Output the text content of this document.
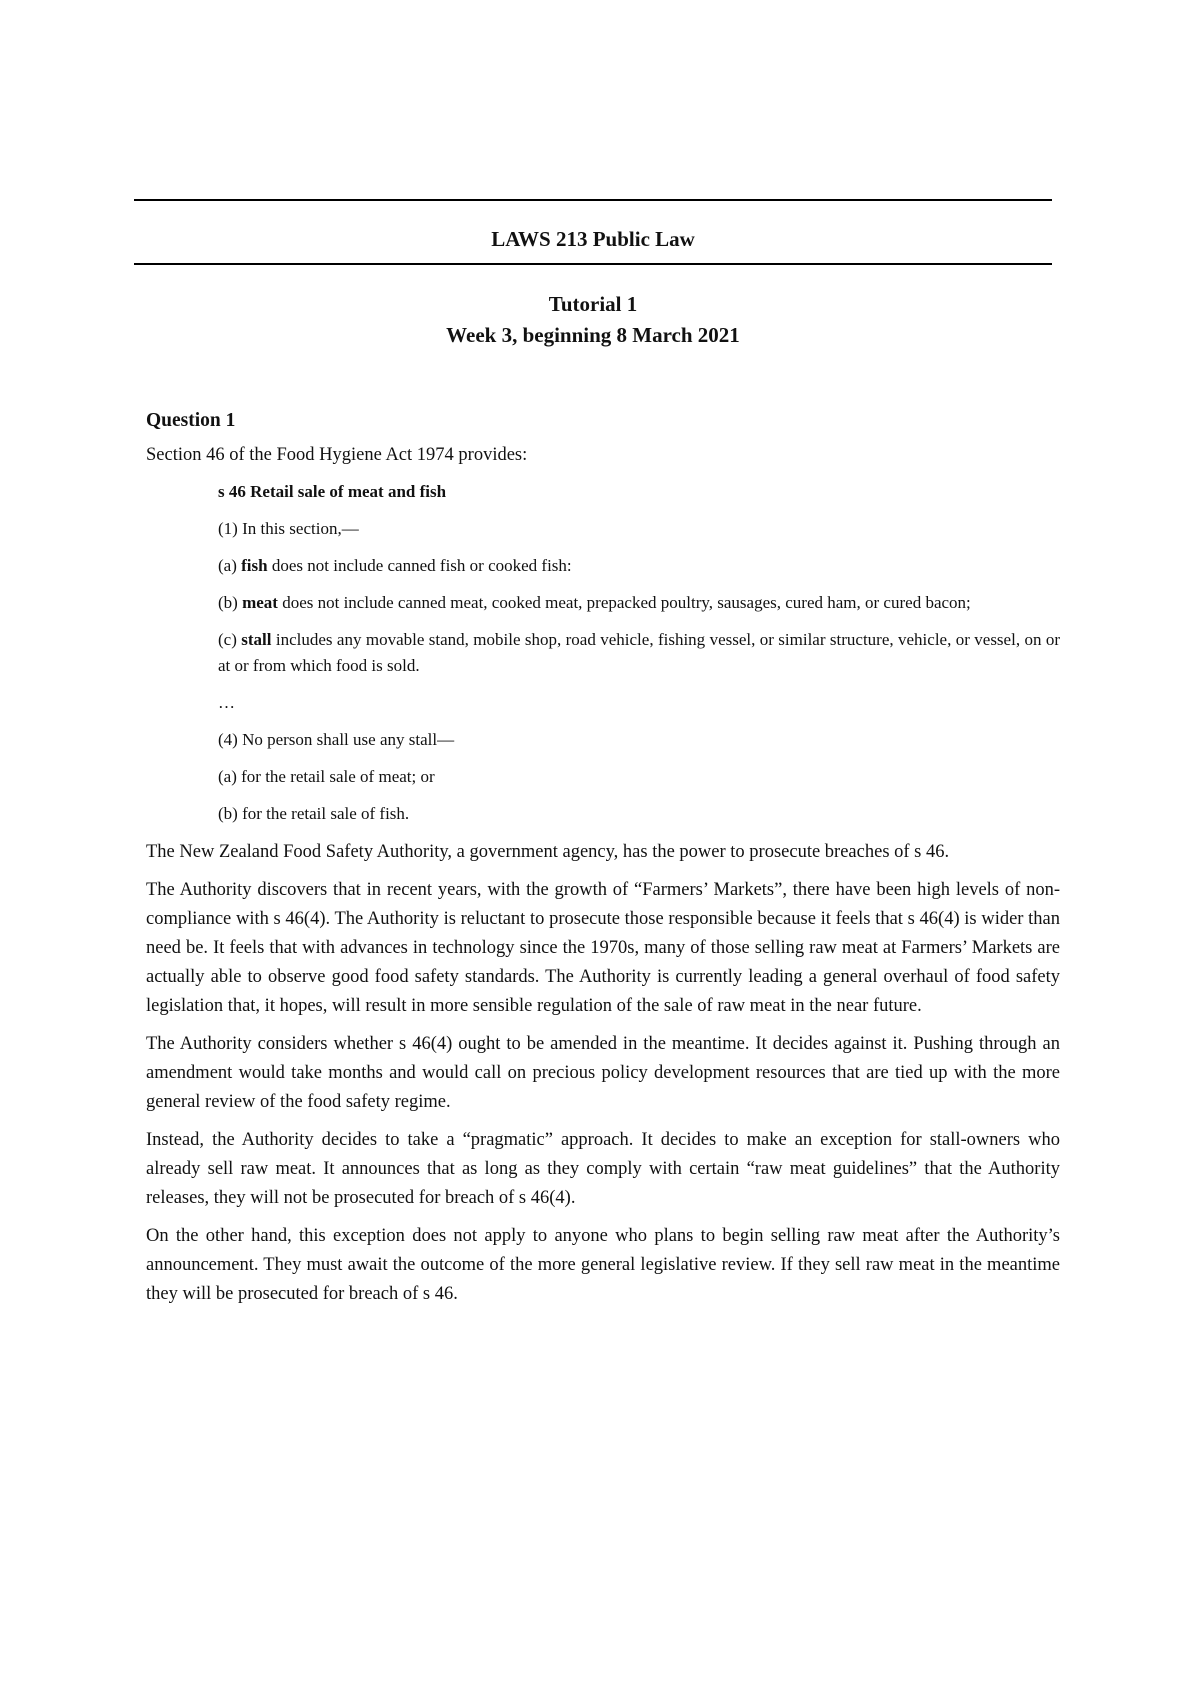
LAWS 213 Public Law
Tutorial 1
Week 3, beginning 8 March 2021
Question 1

Section 46 of the Food Hygiene Act 1974 provides:

s 46 Retail sale of meat and fish
(1) In this section,—
(a) fish does not include canned fish or cooked fish:
(b) meat does not include canned meat, cooked meat, prepacked poultry, sausages, cured ham, or cured bacon;
(c) stall includes any movable stand, mobile shop, road vehicle, fishing vessel, or similar structure, vehicle, or vessel, on or at or from which food is sold.
…
(4) No person shall use any stall—
(a) for the retail sale of meat; or
(b) for the retail sale of fish.

The New Zealand Food Safety Authority, a government agency, has the power to prosecute breaches of s 46.

The Authority discovers that in recent years, with the growth of “Farmers’ Markets”, there have been high levels of non-compliance with s 46(4). The Authority is reluctant to prosecute those responsible because it feels that s 46(4) is wider than need be. It feels that with advances in technology since the 1970s, many of those selling raw meat at Farmers’ Markets are actually able to observe good food safety standards. The Authority is currently leading a general overhaul of food safety legislation that, it hopes, will result in more sensible regulation of the sale of raw meat in the near future.

The Authority considers whether s 46(4) ought to be amended in the meantime. It decides against it. Pushing through an amendment would take months and would call on precious policy development resources that are tied up with the more general review of the food safety regime.

Instead, the Authority decides to take a “pragmatic” approach. It decides to make an exception for stall-owners who already sell raw meat. It announces that as long as they comply with certain “raw meat guidelines” that the Authority releases, they will not be prosecuted for breach of s 46(4).

On the other hand, this exception does not apply to anyone who plans to begin selling raw meat after the Authority’s announcement. They must await the outcome of the more general legislative review. If they sell raw meat in the meantime they will be prosecuted for breach of s 46.
